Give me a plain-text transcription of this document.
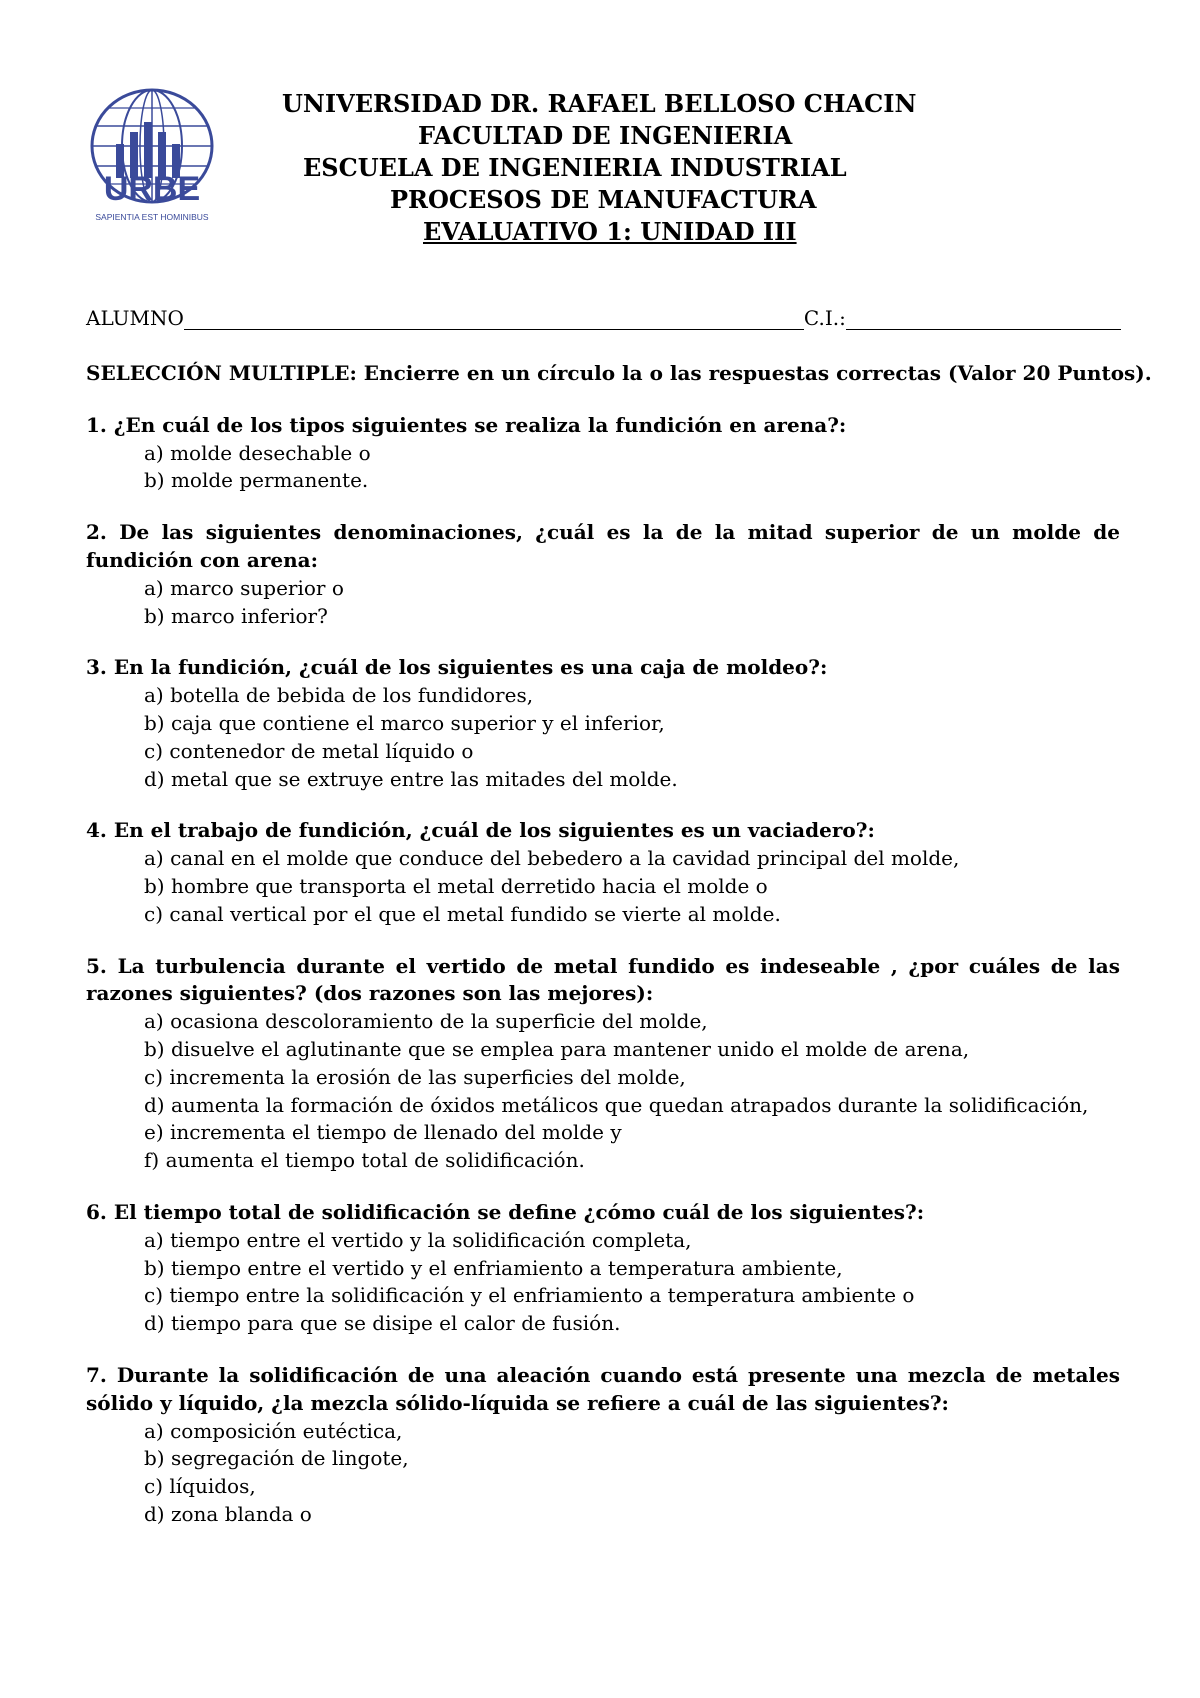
URBE
SAPIENTIA EST HOMINIBUS
UNIVERSIDAD DR. RAFAEL BELLOSO CHACIN
FACULTAD DE INGENIERIA
ESCUELA DE INGENIERIA INDUSTRIAL
PROCESOS DE MANUFACTURA
EVALUATIVO 1: UNIDAD III
ALUMNO	C.I.:
SELECCIÓN MULTIPLE: Encierre en un círculo la o las respuestas correctas (Valor 20 Puntos).
1. ¿En cuál de los tipos siguientes se realiza la fundición en arena?:
a) molde desechable o
b) molde permanente.
2. De las siguientes denominaciones, ¿cuál es la de la mitad superior de un molde de fundición con arena:
a) marco superior o
b) marco inferior?
3. En la fundición, ¿cuál de los siguientes es una caja de moldeo?:
a) botella de bebida de los fundidores,
b) caja que contiene el marco superior y el inferior,
c) contenedor de metal líquido o
d) metal que se extruye entre las mitades del molde.
4. En el trabajo de fundición, ¿cuál de los siguientes es un vaciadero?:
a) canal en el molde que conduce del bebedero a la cavidad principal del molde,
b) hombre que transporta el metal derretido hacia el molde o
c) canal vertical por el que el metal fundido se vierte al molde.
5. La turbulencia durante el vertido de metal fundido es indeseable , ¿por cuáles de las razones siguientes? (dos razones son las mejores):
a) ocasiona descoloramiento de la superficie del molde,
b) disuelve el aglutinante que se emplea para mantener unido el molde de arena,
c) incrementa la erosión de las superficies del molde,
d) aumenta la formación de óxidos metálicos que quedan atrapados durante la solidificación,
e) incrementa el tiempo de llenado del molde y
f) aumenta el tiempo total de solidificación.
6. El tiempo total de solidificación se define ¿cómo cuál de los siguientes?:
a) tiempo entre el vertido y la solidificación completa,
b) tiempo entre el vertido y el enfriamiento a temperatura ambiente,
c) tiempo entre la solidificación y el enfriamiento a temperatura ambiente o
d) tiempo para que se disipe el calor de fusión.
7. Durante la solidificación de una aleación cuando está presente una mezcla de metales sólido y líquido, ¿la mezcla sólido-líquida se refiere a cuál de las siguientes?:
a) composición eutéctica,
b) segregación de lingote,
c) líquidos,
d) zona blanda o
